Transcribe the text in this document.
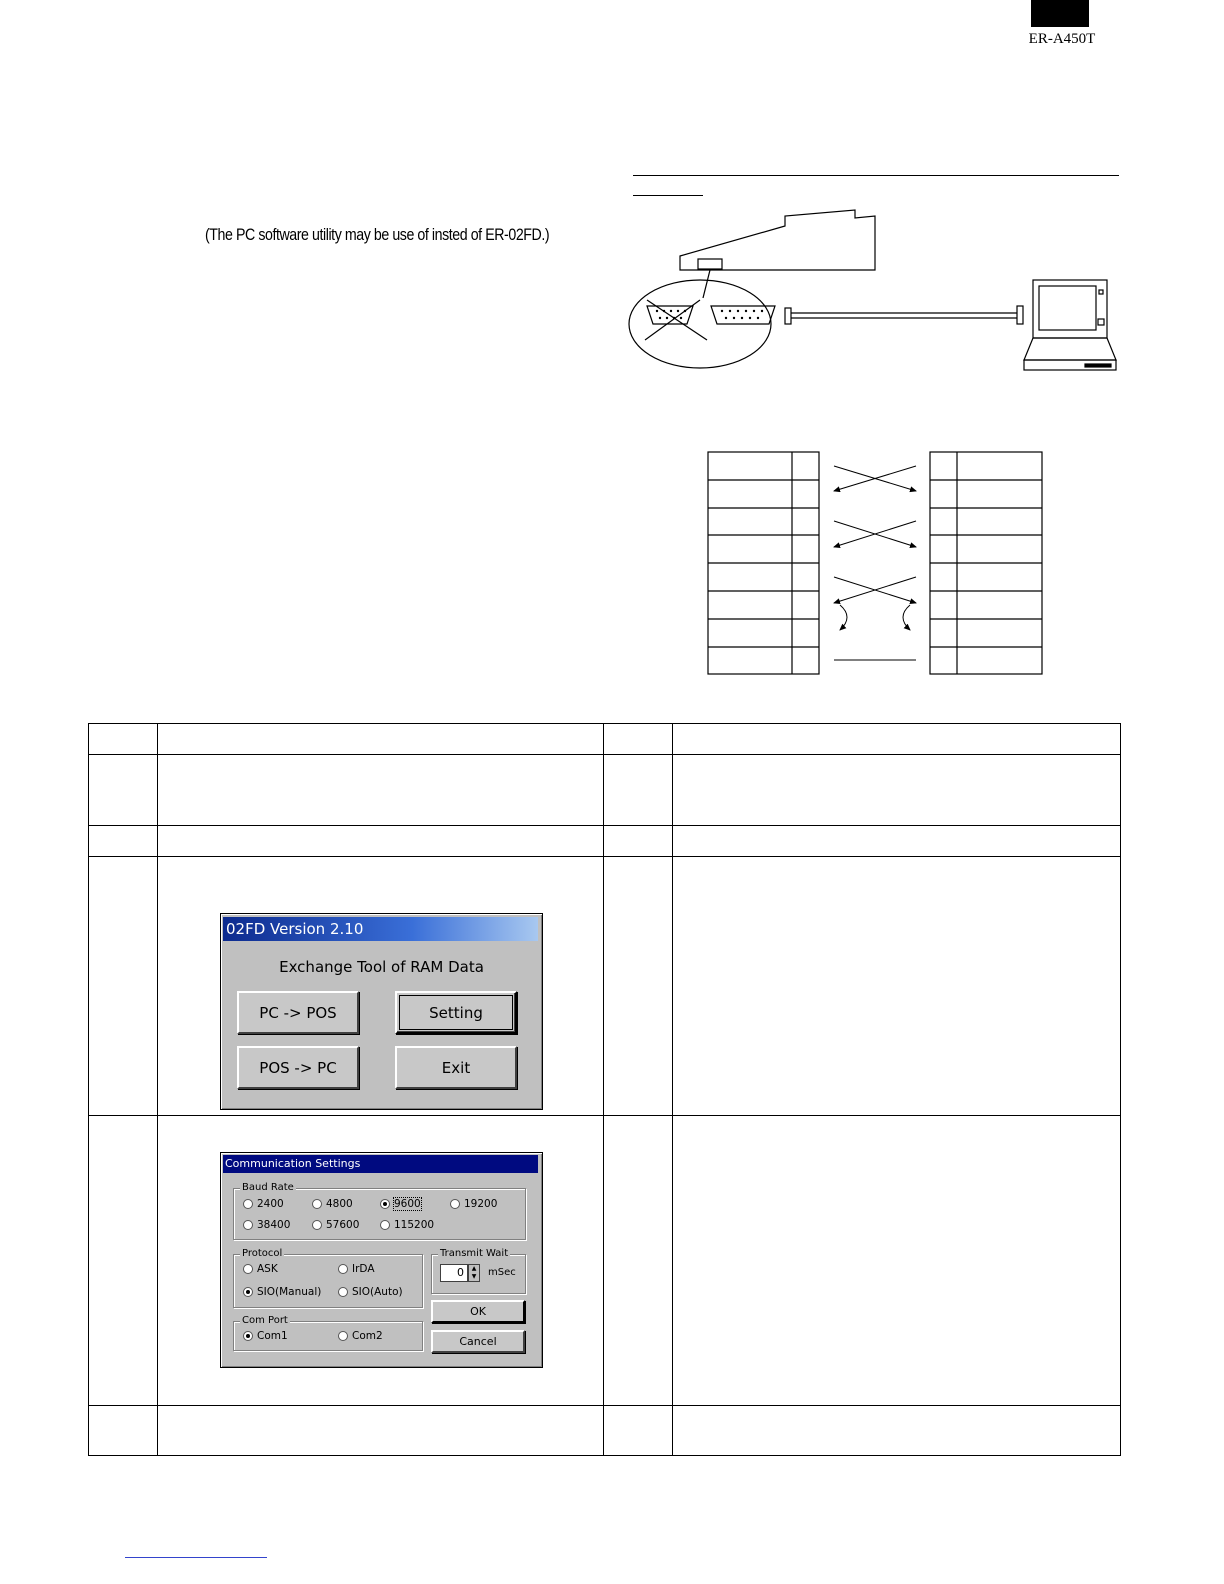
ER-A450T
(The PC software utility may be use of insted of ER-02FD.)

02FD Version 2.10
Exchange Tool of RAM Data
PC -> POS	Setting
POS -> PC	Exit
Communication Settings
Baud Rate
2400	4800	9600	19200
38400	57600	115200
Protocol
ASK	IrDA
SIO(Manual)	SIO(Auto)
Transmit Wait
0	▲
▼ mSec
Com Port
Com1	Com2
OK
Cancel
